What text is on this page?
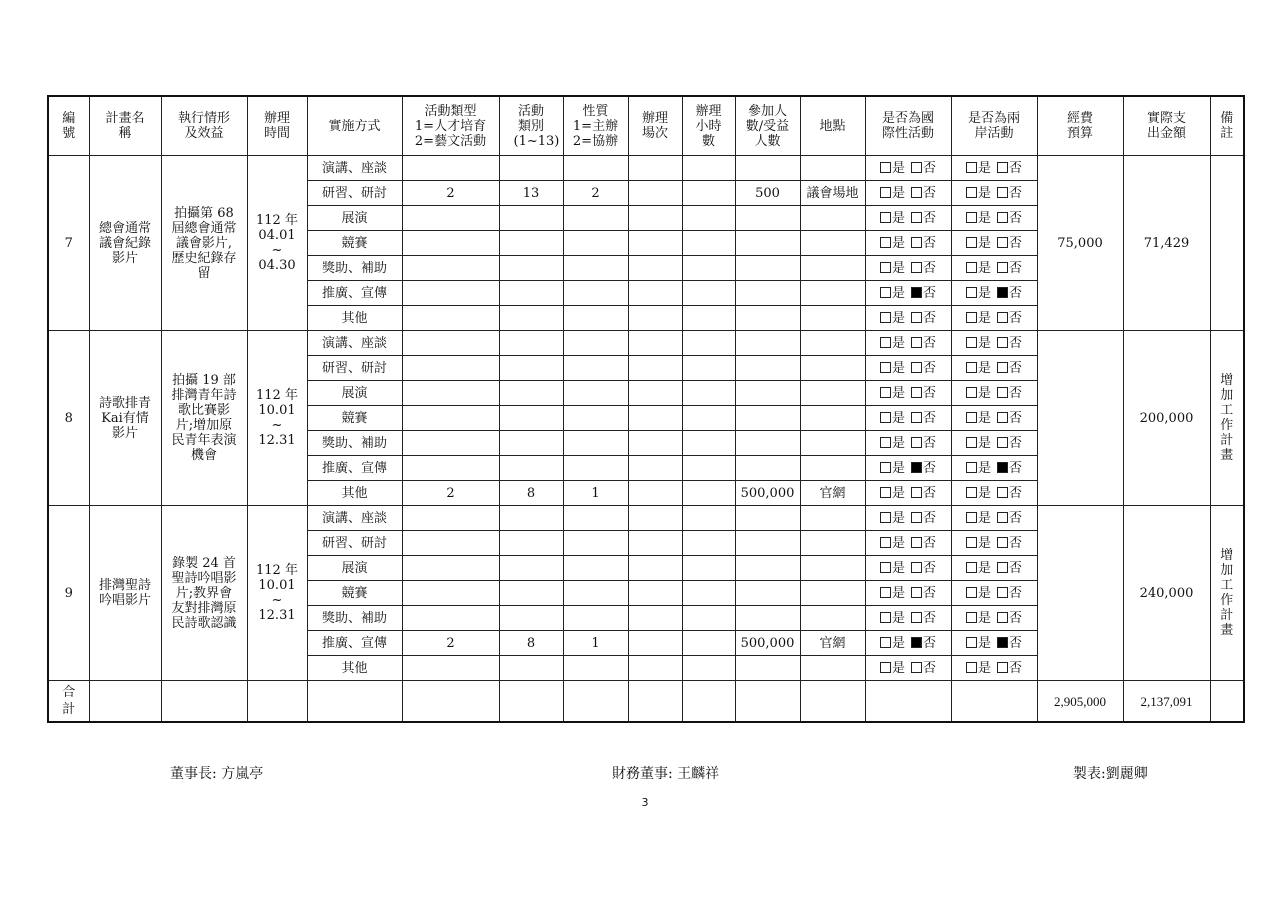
編號	計畫名稱	執行情形及效益	辦理時間	實施方式	活動類型
1=人才培育
2=藝文活動	活動類別
(1~13)	性質
1=主辦
2=協辦	辦理場次	辦理小時數	參加人數/受益人數	地點	是否為國際性活動	是否為兩岸活動	經費預算	實際支出金額	備註
7	總會通常議會紀錄影片	拍攝第 68 屆總會通常議會影片,歷史紀錄存留	112 年
04.01
~
04.30	演講、座談								是 否	是 否	75,000	71,429	
				研習、研討	2	13	2			500	議會場地	是 否	是 否			
				展演								是 否	是 否			
				競賽								是 否	是 否			
				獎助、補助								是 否	是 否			
				推廣、宣傳								是 否	是 否			
				其他								是 否	是 否			
8	詩歌排青Kai有情影片	拍攝 19 部排灣青年詩歌比賽影片;增加原民青年表演機會	112 年
10.01
~
12.31	演講、座談								是 否	是 否		200,000	增加工作計畫
				研習、研討								是 否	是 否			
				展演								是 否	是 否			
				競賽								是 否	是 否			
				獎助、補助								是 否	是 否			
				推廣、宣傳								是 否	是 否			
				其他	2	8	1			500,000	官網	是 否	是 否			
9	排灣聖詩吟唱影片	錄製 24 首聖詩吟唱影片;教界會友對排灣原民詩歌認識	112 年
10.01
~
12.31	演講、座談								是 否	是 否		240,000	增加工作計畫
				研習、研討								是 否	是 否			
				展演								是 否	是 否			
				競賽								是 否	是 否			
				獎助、補助								是 否	是 否			
				推廣、宣傳	2	8	1			500,000	官網	是 否	是 否			
				其他								是 否	是 否			
合計														2,905,000	2,137,091	
董事長: 方嵐亭	財務董事: 王麟祥	製表:劉麗卿
3
